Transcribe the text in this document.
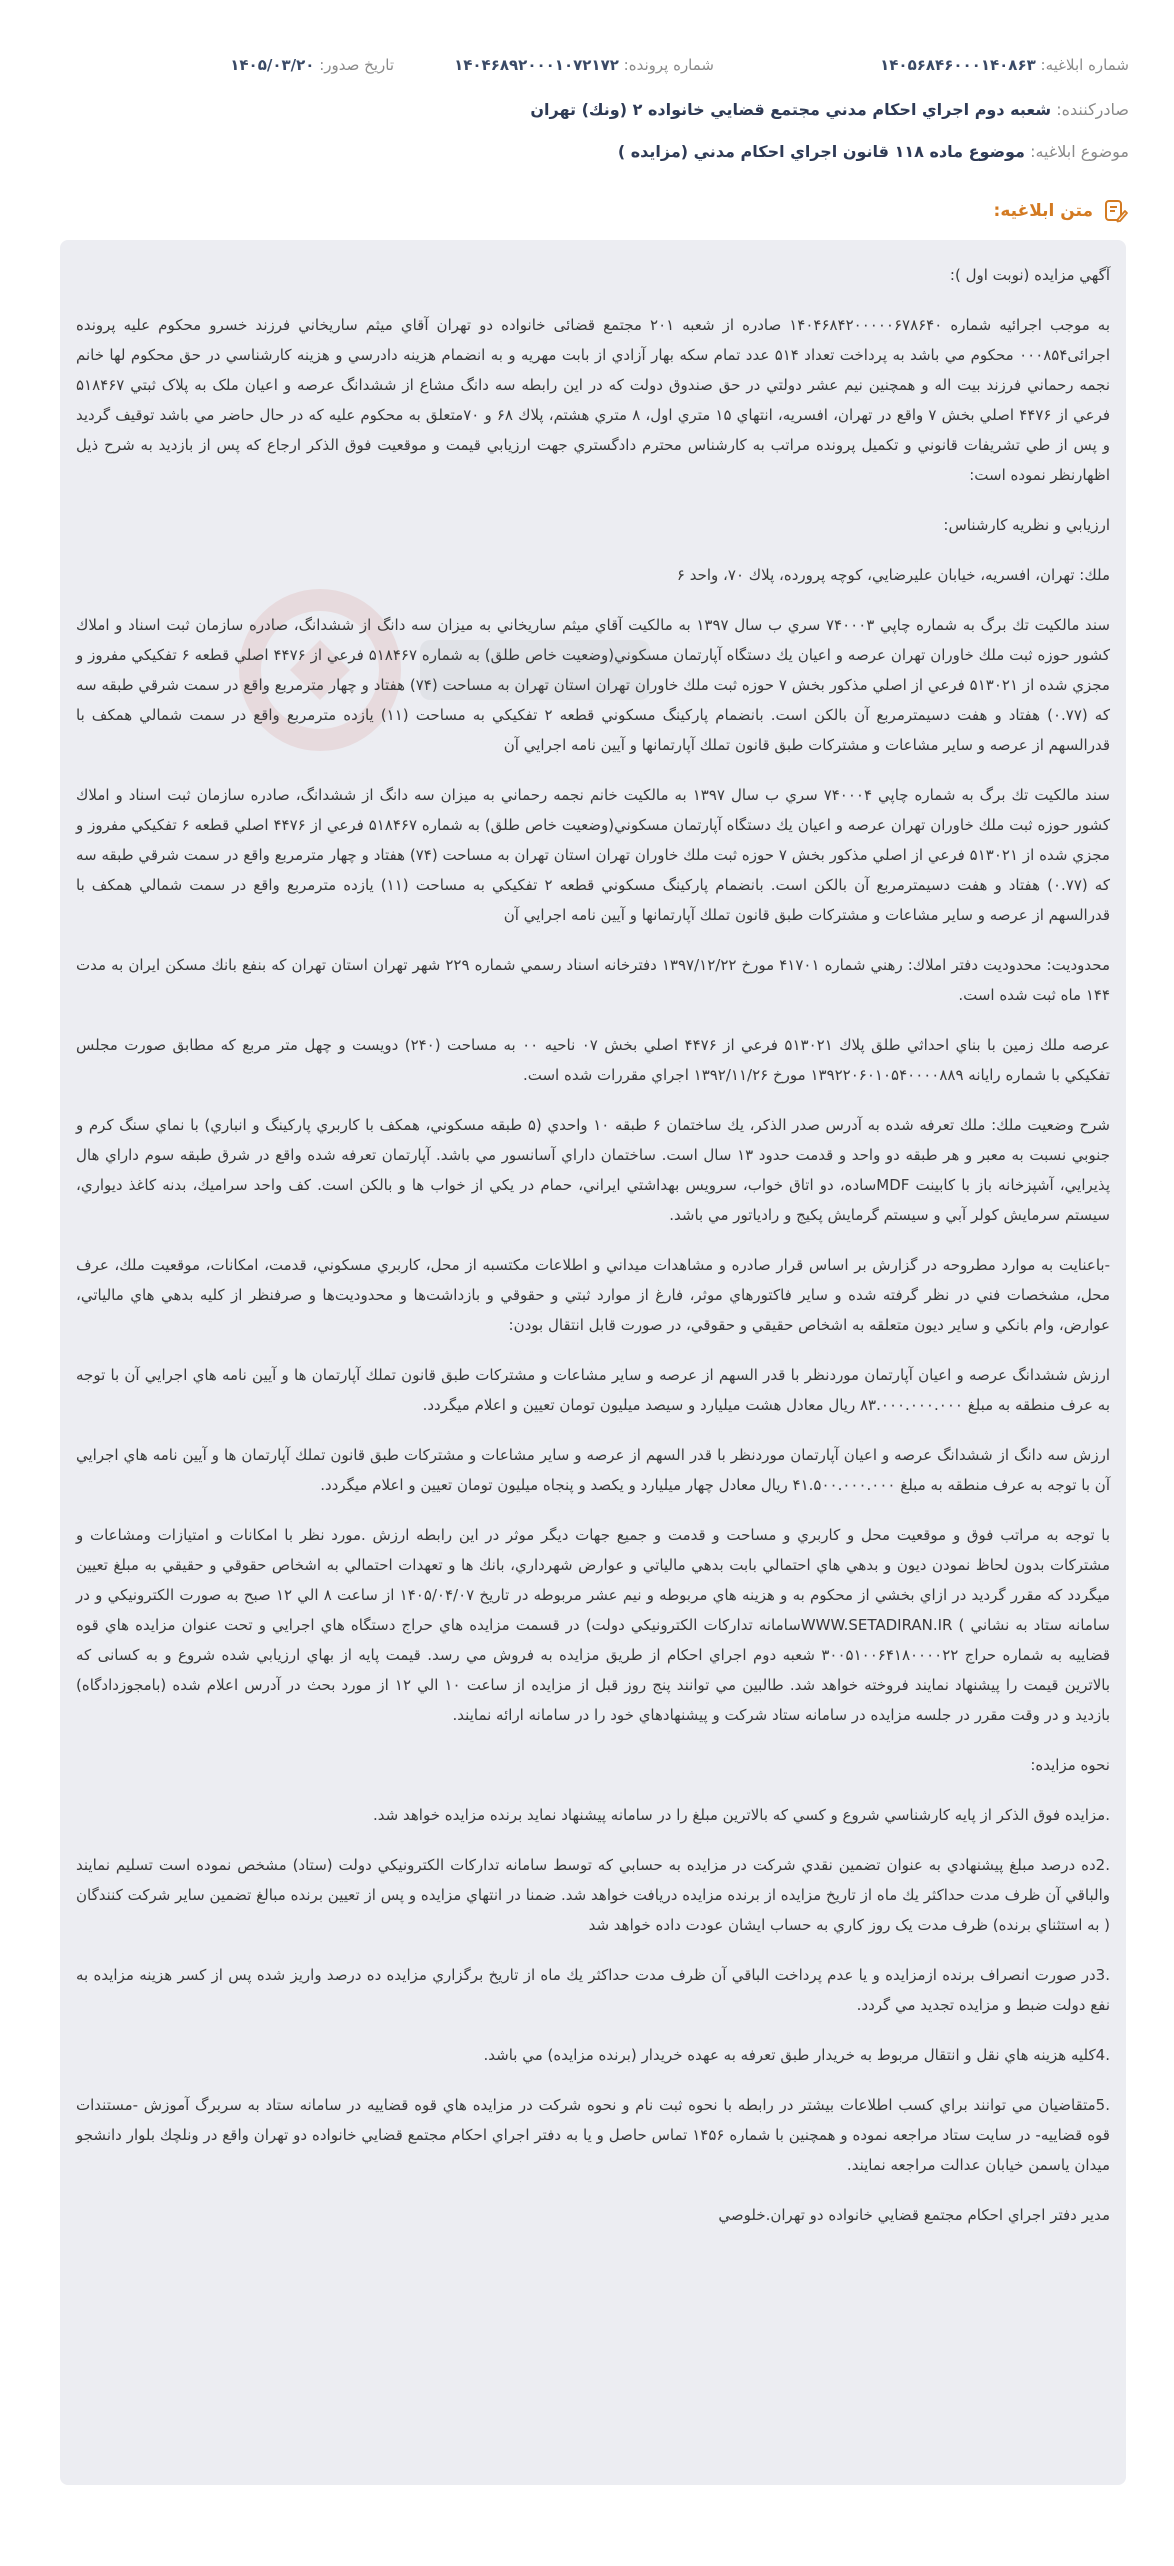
شماره ابلاغیه: ۱۴۰۵۶۸۴۶۰۰۰۱۴۰۸۶۳
شماره پرونده: ۱۴۰۴۶۸۹۲۰۰۰۱۰۷۲۱۷۲
تاریخ صدور: ۱۴۰۵/۰۳/۲۰
صادرکننده: شعبه دوم اجراي احكام مدني مجتمع قضايي خانواده ۲ (ونك) تهران
موضوع ابلاغیه: موضوع ماده ۱۱۸ قانون اجراي احكام مدني (مزايده )
متن ابلاغیه:

آگهي مزايده (نوبت اول ):

به موجب اجرائيه شماره ۱۴۰۴۶۸۴۲۰۰۰۰۰۶۷۸۶۴۰ صادره از شعبه ۲۰۱ مجتمع قضائی خانواده دو تهران آقاي ميثم ساريخاني فرزند خسرو محكوم عليه پرونده اجرائی۰۰۰۸۵۴ محكوم مي باشد به پرداخت تعداد ۵۱۴ عدد تمام سکه بهار آزادي از بابت مهريه و به انضمام هزينه دادرسي و هزينه كارشناسي در حق محكوم لها خانم نجمه رحماني فرزند بيت اله و همچنين نيم عشر دولتي در حق صندوق دولت كه در اين رابطه سه دانگ مشاع از ششدانگ عرصه و اعيان ملک به پلاک ثبتي ۵۱۸۴۶۷ فرعي از ۴۴۷۶ اصلي بخش ۷ واقع در تهران، افسريه، انتهاي ۱۵ متري اول، ۸ متري هشتم، پلاك ۶۸ و ۷۰متعلق به محکوم عليه كه در حال حاضر مي باشد توقيف گرديد و پس از طي تشريفات قانوني و تكميل پرونده مراتب به كارشناس محترم دادگستري جهت ارزيابي قيمت و موقعيت فوق الذكر ارجاع كه پس از بازديد به شرح ذيل اظهارنظر نموده است:

ارزيابي و نظريه كارشناس:

ملك: تهران، افسريه، خيابان عليرضايي، كوچه پرورده، پلاك ۷۰، واحد ۶

سند مالكيت تك برگ به شماره چاپي ۷۴۰۰۰۳ سري ب سال ۱۳۹۷ به مالكيت آقاي ميثم ساريخاني به ميزان سه دانگ از ششدانگ، صادره سازمان ثبت اسناد و املاك كشور حوزه ثبت ملك خاوران تهران عرصه و اعيان يك دستگاه آپارتمان مسكوني(وضعيت خاص طلق) به شماره ۵۱۸۴۶۷ فرعي از ۴۴۷۶ اصلي قطعه ۶ تفكيكي مفروز و مجزي شده از ۵۱۳۰۲۱ فرعي از اصلي مذكور بخش ۷ حوزه ثبت ملك خاوران تهران استان تهران به مساحت (۷۴) هفتاد و چهار مترمربع واقع در سمت شرقي طبقه سه كه (۰.۷۷) هفتاد و هفت دسيمترمربع آن بالكن است. بانضمام پاركينگ مسكوني قطعه ۲ تفكيكي به مساحت (۱۱) يازده مترمربع واقع در سمت شمالي همكف با قدرالسهم از عرصه و ساير مشاعات و مشتركات طبق قانون تملك آپارتمانها و آيين نامه اجرايي آن

سند مالكيت تك برگ به شماره چاپي ۷۴۰۰۰۴ سري ب سال ۱۳۹۷ به مالكيت خانم نجمه رحماني به ميزان سه دانگ از ششدانگ، صادره سازمان ثبت اسناد و املاك كشور حوزه ثبت ملك خاوران تهران عرصه و اعيان يك دستگاه آپارتمان مسكوني(وضعيت خاص طلق) به شماره ۵۱۸۴۶۷ فرعي از ۴۴۷۶ اصلي قطعه ۶ تفكيكي مفروز و مجزي شده از ۵۱۳۰۲۱ فرعي از اصلي مذكور بخش ۷ حوزه ثبت ملك خاوران تهران استان تهران به مساحت (۷۴) هفتاد و چهار مترمربع واقع در سمت شرقي طبقه سه كه (۰.۷۷) هفتاد و هفت دسيمترمربع آن بالكن است. بانضمام پاركينگ مسكوني قطعه ۲ تفكيكي به مساحت (۱۱) يازده مترمربع واقع در سمت شمالي همكف با قدرالسهم از عرصه و ساير مشاعات و مشتركات طبق قانون تملك آپارتمانها و آيين نامه اجرايي آن

محدوديت: محدوديت دفتر املاك: رهني شماره ۴۱۷۰۱ مورخ ۱۳۹۷/۱۲/۲۲ دفترخانه اسناد رسمي شماره ۲۲۹ شهر تهران استان تهران كه بنفع بانك مسكن ايران به مدت ۱۴۴ ماه ثبت شده است.

عرصه ملك زمين با بناي احداثي طلق پلاك ۵۱۳۰۲۱ فرعي از ۴۴۷۶ اصلي بخش ۰۷ ناحيه ۰۰ به مساحت (۲۴۰) دويست و چهل متر مربع كه مطابق صورت مجلس تفكيكي با شماره رايانه ۱۳۹۲۲۰۶۰۱۰۵۴۰۰۰۰۸۸۹ مورخ ۱۳۹۲/۱۱/۲۶ اجراي مقررات شده است.

شرح وضعيت ملك: ملك تعرفه شده به آدرس صدر الذكر، يك ساختمان ۶ طبقه ۱۰ واحدي (۵ طبقه مسكوني، همكف با كاربري پاركينگ و انباري) با نماي سنگ كرم و جنوبي نسبت به معبر و هر طبقه دو واحد و قدمت حدود ۱۳ سال است. ساختمان داراي آسانسور مي باشد. آپارتمان تعرفه شده واقع در شرق طبقه سوم داراي هال پذيرايي، آشپزخانه باز با كابينت MDFساده، دو اتاق خواب، سرويس بهداشتي ايراني، حمام در يكي از خواب ها و بالكن است. كف واحد سراميك، بدنه كاغذ ديواري، سيستم سرمايش كولر آبي و سيستم گرمايش پكيج و رادياتور مي باشد.

-باعنايت به موارد مطروحه در گزارش بر اساس قرار صادره و مشاهدات ميداني و اطلاعات مكتسبه از محل، كاربري مسكوني، قدمت، امكانات، موقعيت ملك، عرف محل، مشخصات فني در نظر گرفته شده و ساير فاكتورهاي موثر، فارغ از موارد ثبتي و حقوقي و بازداشت‌ها و محدوديت‌ها و صرفنظر از كليه بدهي هاي مالياتي، عوارض، وام بانكي و ساير ديون متعلقه به اشخاص حقيقي و حقوقي، در صورت قابل انتقال بودن:

ارزش ششدانگ عرصه و اعيان آپارتمان موردنظر با قدر السهم از عرصه و ساير مشاعات و مشتركات طبق قانون تملك آپارتمان ها و آيين نامه هاي اجرايي آن با توجه به عرف منطقه به مبلغ ۸۳.۰۰۰.۰۰۰.۰۰۰ ريال معادل هشت ميليارد و سيصد ميليون تومان تعيين و اعلام ميگردد.

ارزش سه دانگ از ششدانگ عرصه و اعيان آپارتمان موردنظر با قدر السهم از عرصه و ساير مشاعات و مشتركات طبق قانون تملك آپارتمان ها و آيين نامه هاي اجرايي آن با توجه به عرف منطقه به مبلغ ۴۱.۵۰۰.۰۰۰.۰۰۰ ريال معادل چهار ميليارد و يكصد و پنجاه ميليون تومان تعيين و اعلام ميگردد.

با توجه به مراتب فوق و موقعيت محل و كاربري و مساحت و قدمت و جميع جهات ديگر موثر در اين رابطه ارزش .مورد نظر با امكانات و امتيازات ومشاعات و مشتركات بدون لحاظ نمودن ديون و بدهي هاي احتمالي بابت بدهي مالياتي و عوارض شهرداري، بانك ها و تعهدات احتمالي به اشخاص حقوقي و حقيقي به مبلغ تعيين ميگردد كه مقرر گرديد در ازاي بخشي از محكوم به و هزينه هاي مربوطه و نيم عشر مربوطه در تاريخ ۱۴۰۵/۰۴/۰۷ از ساعت ۸ الي ۱۲ صبح به صورت الكترونيكي و در سامانه ستاد به نشاني ) WWW.SETADIRAN.IRسامانه تداركات الكترونيكي دولت) در قسمت مزايده هاي حراج دستگاه هاي اجرايي و تحت عنوان مزايده هاي قوه قضاييه به شماره حراج ۳۰۰۵۱۰۰۶۴۱۸۰۰۰۰۲۲ شعبه دوم اجراي احكام از طريق مزايده به فروش مي رسد. قيمت پايه از بهاي ارزيابي شده شروع و به كسانی كه بالاترين قيمت را پيشنهاد نمايند فروخته خواهد شد. طالبين مي توانند پنج روز قبل از مزايده از ساعت ۱۰ الي ۱۲ از مورد بحث در آدرس اعلام شده (بامجوزدادگاه) بازديد و در وقت مقرر در جلسه مزايده در سامانه ستاد شركت و پيشنهادهاي خود را در سامانه ارائه نمايند.

نحوه مزايده:

.مزايده فوق الذكر از پايه كارشناسي شروع و كسي كه بالاترين مبلغ را در سامانه پيشنهاد نمايد برنده مزايده خواهد شد.

.2ده درصد مبلغ پيشنهادي به عنوان تضمين نقدي شركت در مزايده به حسابي كه توسط سامانه تداركات الكترونيكي دولت (ستاد) مشخص نموده است تسليم نمايند والباقي آن ظرف مدت حداكثر يك ماه از تاريخ مزايده از برنده مزايده دريافت خواهد شد. ضمنا در انتهاي مزايده و پس از تعيين برنده مبالغ تضمين ساير شركت كنندگان ( به استثناي برنده) ظرف مدت يک روز كاري به حساب ايشان عودت داده خواهد شد

.3در صورت انصراف برنده ازمزايده و يا عدم پرداخت الباقي آن ظرف مدت حداكثر يك ماه از تاريخ برگزاري مزايده ده درصد واريز شده پس از كسر هزينه مزايده به نفع دولت ضبط و مزايده تجديد مي گردد.

.4كليه هزينه هاي نقل و انتقال مربوط به خريدار طبق تعرفه به عهده خريدار (برنده مزايده) مي باشد.

.5متقاضيان مي توانند براي كسب اطلاعات بيشتر در رابطه با نحوه ثبت نام و نحوه شركت در مزايده هاي قوه قضاييه در سامانه ستاد به سربرگ آموزش -مستندات قوه قضاييه- در سايت ستاد مراجعه نموده و همچنين با شماره ۱۴۵۶ تماس حاصل و يا به دفتر اجراي احكام مجتمع قضايي خانواده دو تهران واقع در ونلچك بلوار دانشجو ميدان ياسمن خيابان عدالت مراجعه نمايند.

مدير دفتر اجراي احكام مجتمع قضايي خانواده دو تهران.خلوصي
